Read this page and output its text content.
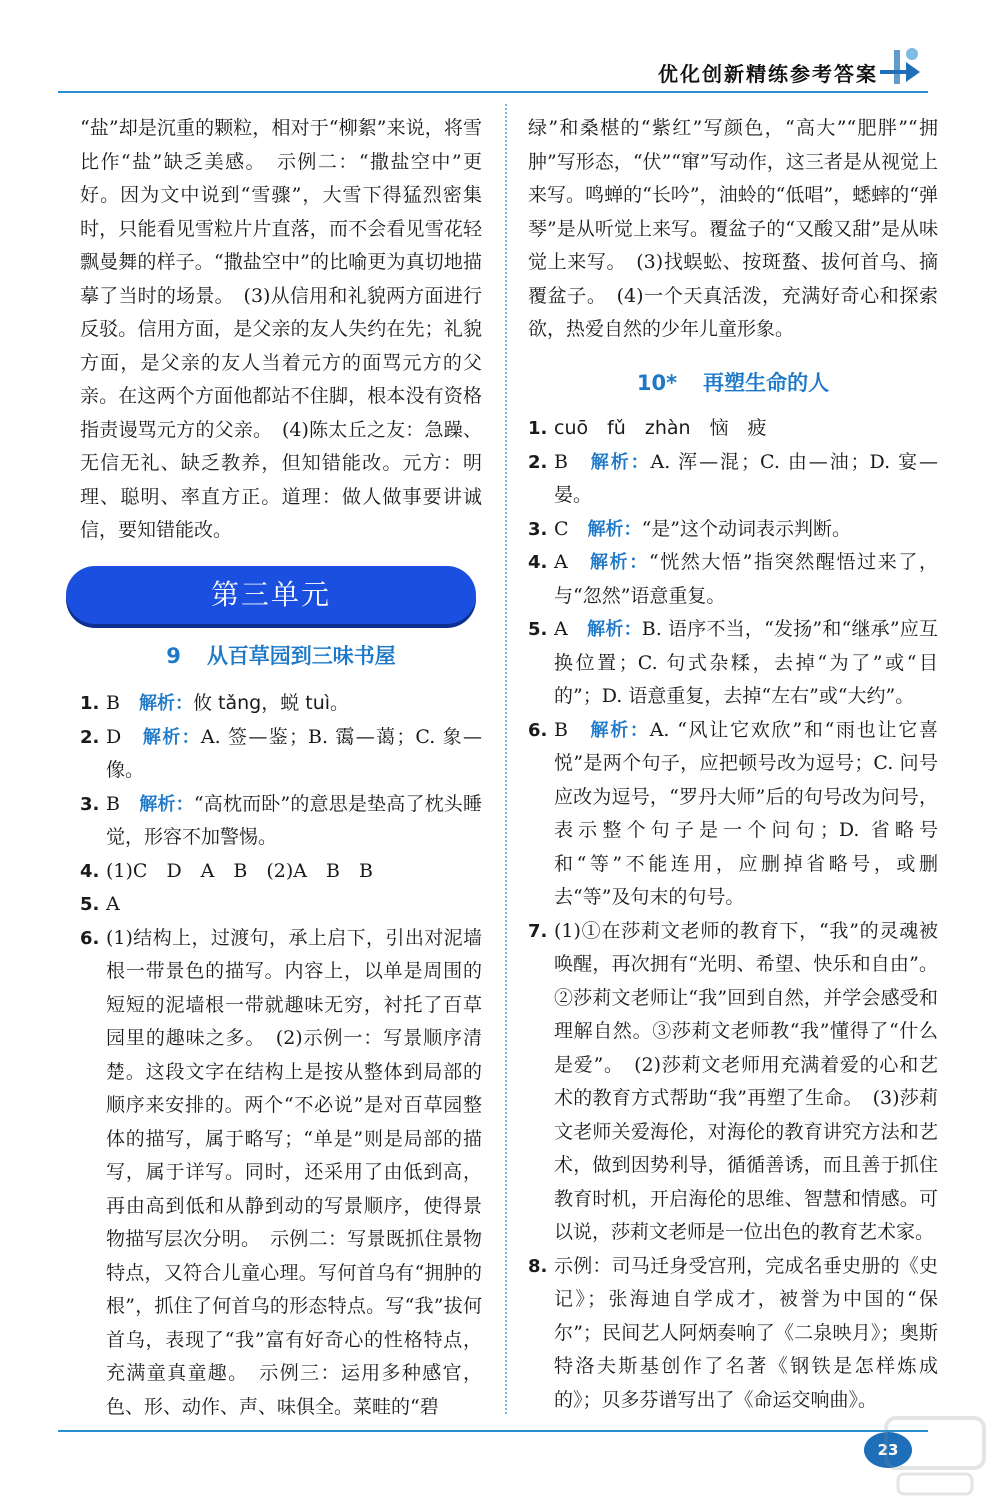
优化创新精练参考答案

“盐”却是沉重的颗粒，相对于“柳絮”来说，将雪比作“盐”缺乏美感。　示例二：“撒盐空中”更好。因为文中说到“雪骤”，大雪下得猛烈密集时，只能看见雪粒片片直落，而不会看见雪花轻飘曼舞的样子。“撒盐空中”的比喻更为真切地描摹了当时的场景。　(3)从信用和礼貌两方面进行反驳。信用方面，是父亲的友人失约在先；礼貌方面，是父亲的友人当着元方的面骂元方的父亲。在这两个方面他都站不住脚，根本没有资格指责谩骂元方的父亲。　(4)陈太丘之友：急躁、无信无礼、缺乏教养，但知错能改。元方：明理、聪明、率直方正。道理：做人做事要讲诚信，要知错能改。

第三单元

9 从百草园到三味书屋

1. B　 解析：攸 tǎng，蜕 tuì。

2. D　 解析：A. 签—鉴；B. 霭—蔼；C. 象—像。

3. B　 解析：“高枕而卧”的意思是垫高了枕头睡觉，形容不加警惕。

4. (1)C　D　A　B　(2)A　B　B

5. A

6. (1)结构上，过渡句，承上启下，引出对泥墙根一带景色的描写。内容上，以单是周围的短短的泥墙根一带就趣味无穷，衬托了百草园里的趣味之多。　(2)示例一：写景顺序清楚。这段文字在结构上是按从整体到局部的顺序来安排的。两个“不必说”是对百草园整体的描写，属于略写；“单是”则是局部的描写，属于详写。同时，还采用了由低到高，再由高到低和从静到动的写景顺序，使得景物描写层次分明。　示例二：写景既抓住景物特点，又符合儿童心理。写何首乌有“拥肿的根”，抓住了何首乌的形态特点。写“我”拔何首乌，表现了“我”富有好奇心的性格特点，充满童真童趣。　示例三：运用多种感官，色、形、动作、声、味俱全。菜畦的“碧

绿”和桑椹的“紫红”写颜色，“高大”“肥胖”“拥肿”写形态，“伏”“窜”写动作，这三者是从视觉上来写。鸣蝉的“长吟”，油蛉的“低唱”，蟋蟀的“弹琴”是从听觉上来写。覆盆子的“又酸又甜”是从味觉上来写。　(3)找蜈蚣、按斑蝥、拔何首乌、摘覆盆子。　(4)一个天真活泼，充满好奇心和探索欲，热爱自然的少年儿童形象。

10* 再塑生命的人

1. cuō　fǔ　zhàn　恼　疲

2. B　 解析：A. 浑—混；C. 由—油；D. 宴—晏。

3. C　 解析：“是”这个动词表示判断。

4. A　 解析：“恍然大悟”指突然醒悟过来了，与“忽然”语意重复。

5. A　 解析：B. 语序不当，“发扬”和“继承”应互换位置；C. 句式杂糅，去掉“为了”或“目的”；D. 语意重复，去掉“左右”或“大约”。

6. B　 解析：A. “风让它欢欣”和“雨也让它喜悦”是两个句子，应把顿号改为逗号；C. 问号应改为逗号，“罗丹大师”后的句号改为问号，表示整个句子是一个问句；D. 省略号和“等”不能连用，应删掉省略号，或删去“等”及句末的句号。

7. (1)①在莎莉文老师的教育下，“我”的灵魂被唤醒，再次拥有“光明、希望、快乐和自由”。②莎莉文老师让“我”回到自然，并学会感受和理解自然。③莎莉文老师教“我”懂得了“什么是爱”。　(2)莎莉文老师用充满着爱的心和艺术的教育方式帮助“我”再塑了生命。　(3)莎莉文老师关爱海伦，对海伦的教育讲究方法和艺术，做到因势利导，循循善诱，而且善于抓住教育时机，开启海伦的思维、智慧和情感。可以说，莎莉文老师是一位出色的教育艺术家。

8. 示例：司马迁身受宫刑，完成名垂史册的《史记》；张海迪自学成才，被誉为中国的“保尔”；民间艺人阿炳奏响了《二泉映月》；奥斯特洛夫斯基创作了名著《钢铁是怎样炼成的》；贝多芬谱写出了《命运交响曲》。

23
